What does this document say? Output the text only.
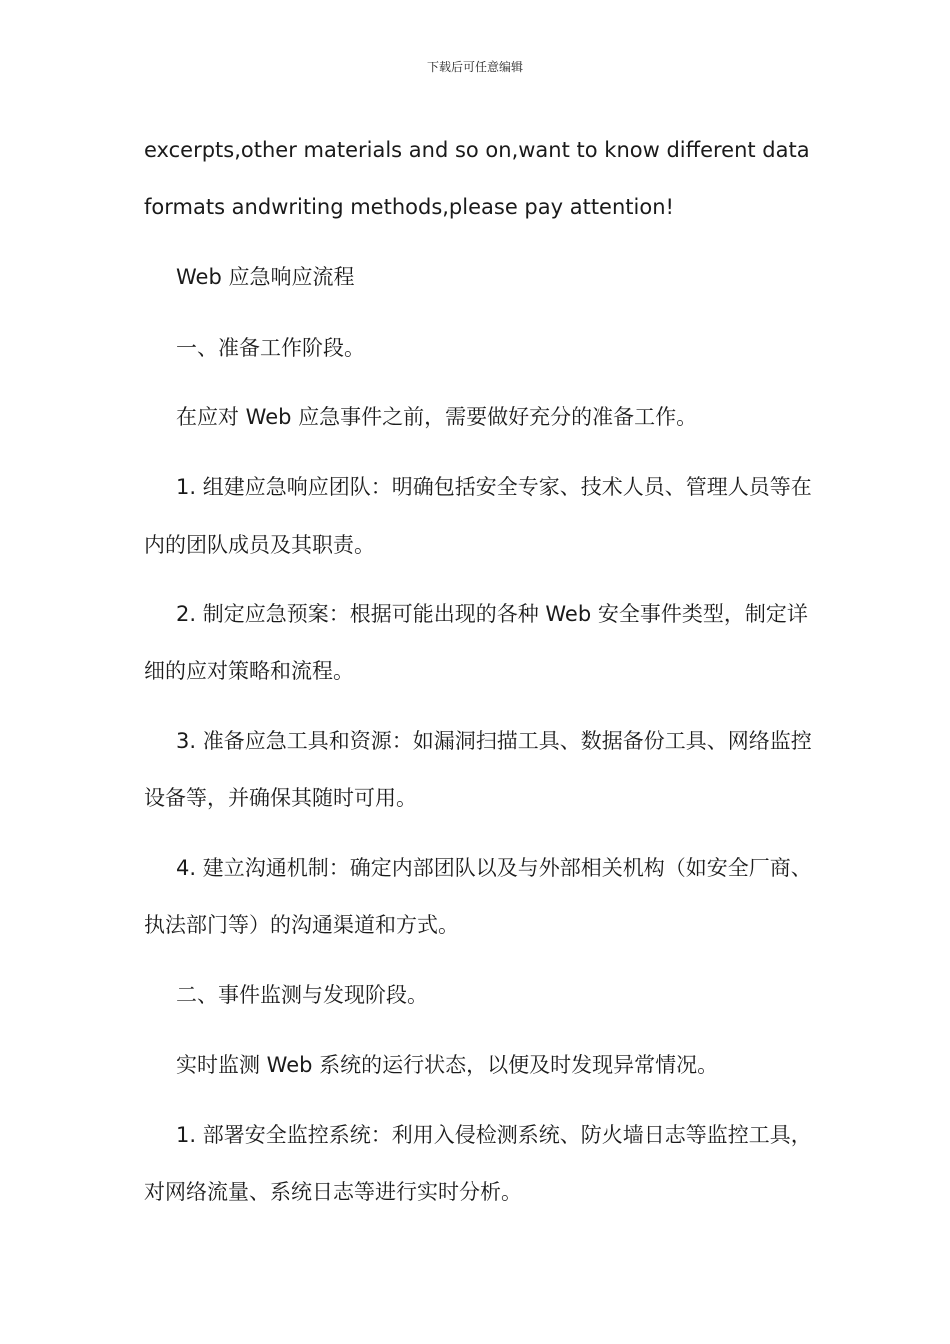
下载后可任意编辑
excerpts,other materials and so on,want to know different data
formats andwriting methods,please pay attention!
Web 应急响应流程
一、准备工作阶段。
在应对 Web 应急事件之前，需要做好充分的准备工作。
1. 组建应急响应团队：明确包括安全专家、技术人员、管理人员等在
内的团队成员及其职责。
2. 制定应急预案：根据可能出现的各种 Web 安全事件类型，制定详
细的应对策略和流程。
3. 准备应急工具和资源：如漏洞扫描工具、数据备份工具、网络监控
设备等，并确保其随时可用。
4. 建立沟通机制：确定内部团队以及与外部相关机构（如安全厂商、
执法部门等）的沟通渠道和方式。
二、事件监测与发现阶段。
实时监测 Web 系统的运行状态，以便及时发现异常情况。
1. 部署安全监控系统：利用入侵检测系统、防火墙日志等监控工具，
对网络流量、系统日志等进行实时分析。
